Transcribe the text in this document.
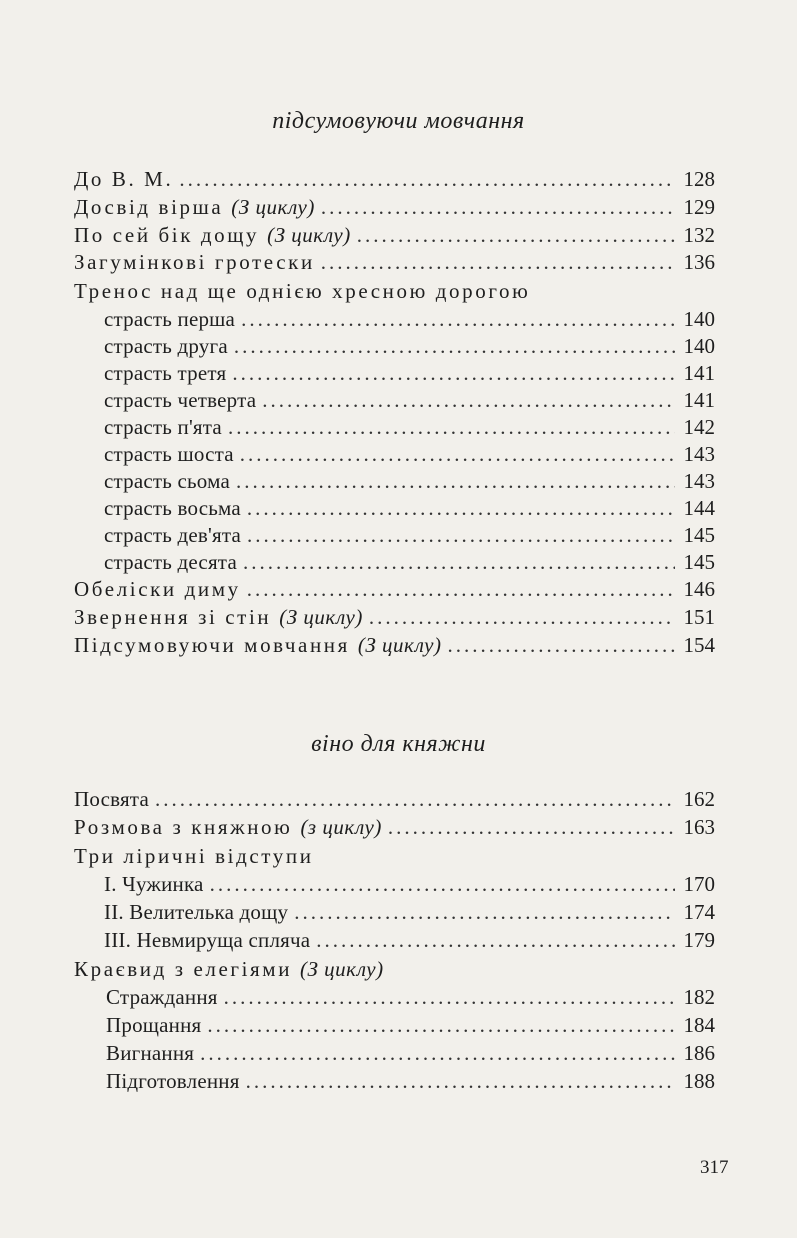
підсумовуючи мовчання
До В. М. .....	128
Досвід вірша (З циклу) .....	129
По сей бік дощу (З циклу) .....	132
Загумінкові гротески .....	136
Тренос над ще однією хресною дорогою
страсть перша .....	140
страсть друга .....	140
страсть третя .....	141
страсть четверта .....	141
страсть п'ята .....	142
страсть шоста .....	143
страсть сьома .....	143
страсть восьма .....	144
страсть дев'ята .....	145
страсть десята .....	145
Обеліски диму .....	146
Звернення зі стін (З циклу) .....	151
Підсумовуючи мовчання (З циклу) .....	154
віно для княжни
Посвята .....	162
Розмова з княжною (з циклу) .....	163
Три ліричні відступи
І. Чужинка .....	170
ІІ. Велителька дощу .....	174
ІІІ. Невмируща спляча .....	179
Краєвид з елегіями (З циклу)
Страждання .....	182
Прощання .....	184
Вигнання .....	186
Підготовлення .....	188
317
